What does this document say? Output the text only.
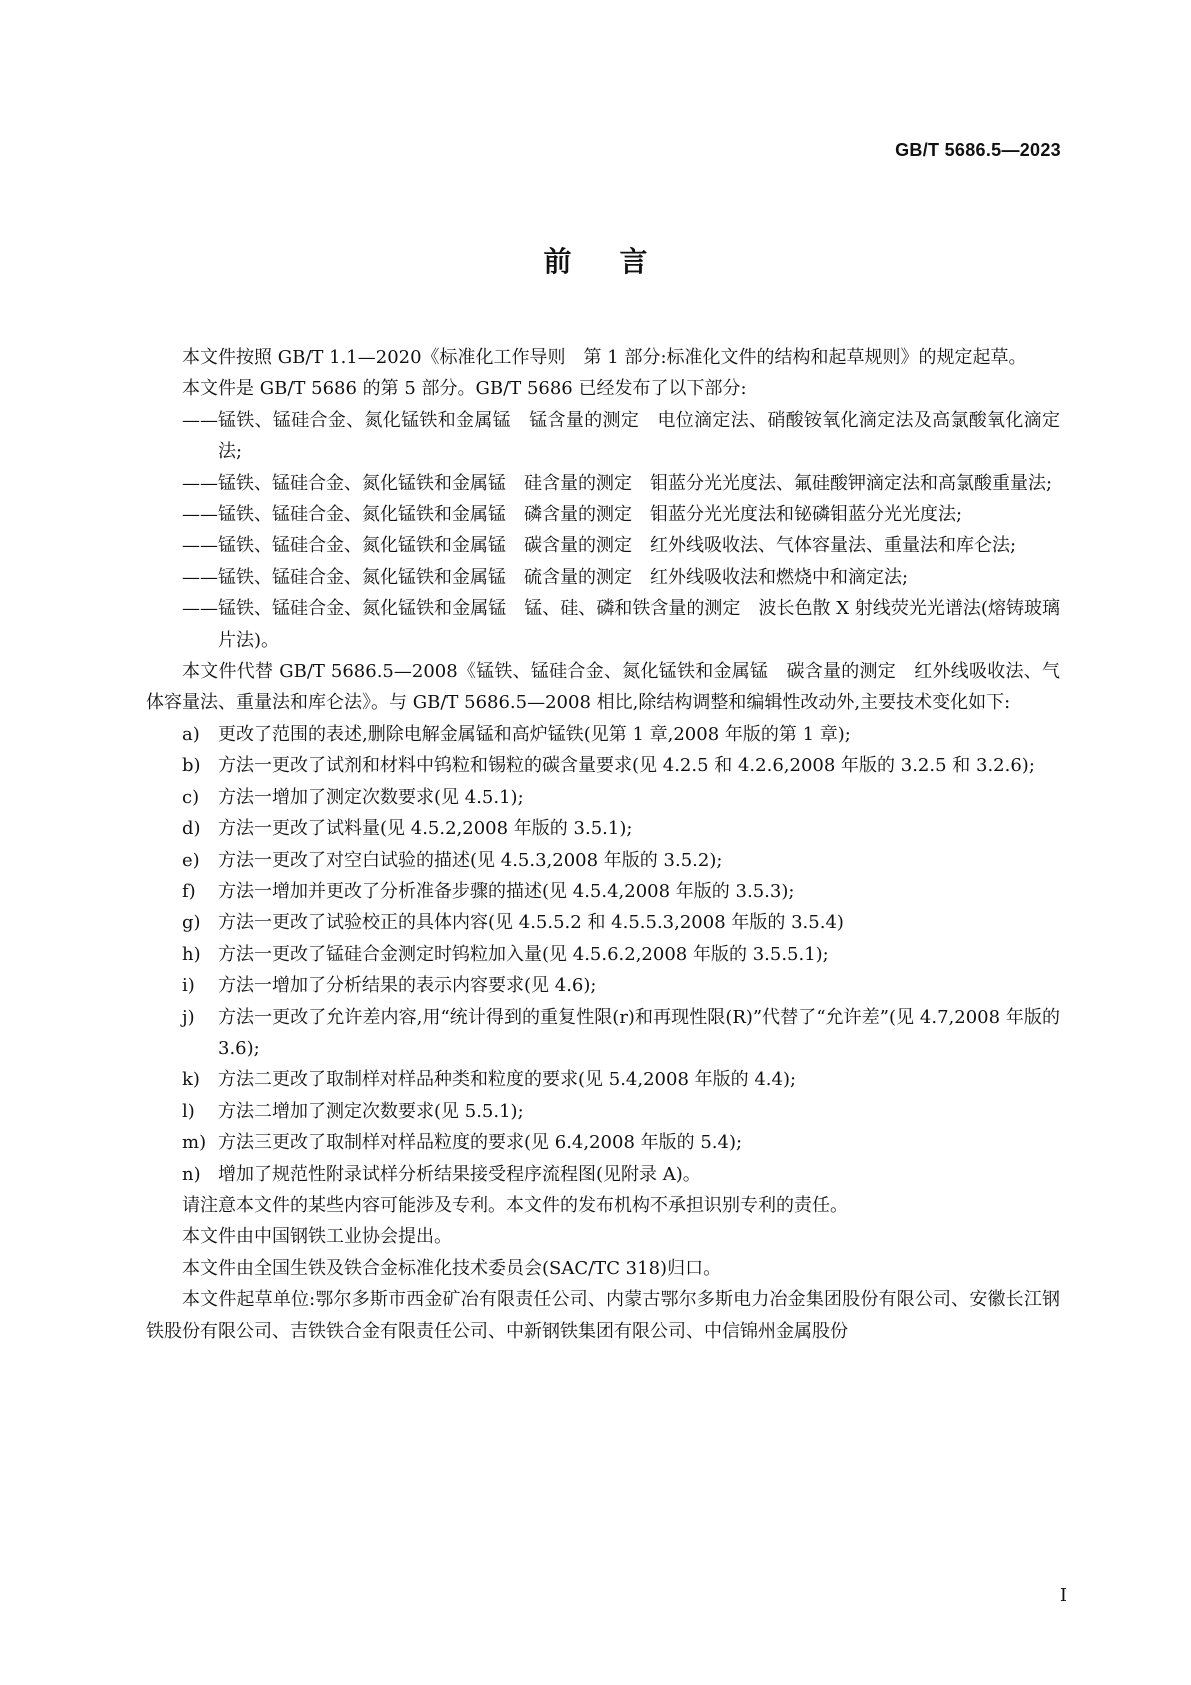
GB/T 5686.5—2023
前言

本文件按照 GB/T 1.1—2020《标准化工作导则　第 1 部分:标准化文件的结构和起草规则》的规定起草。

本文件是 GB/T 5686 的第 5 部分。GB/T 5686 已经发布了以下部分:

—— 锰铁、锰硅合金、氮化锰铁和金属锰　锰含量的测定　电位滴定法、硝酸铵氧化滴定法及高氯酸氧化滴定法;

—— 锰铁、锰硅合金、氮化锰铁和金属锰　硅含量的测定　钼蓝分光光度法、氟硅酸钾滴定法和高氯酸重量法;

—— 锰铁、锰硅合金、氮化锰铁和金属锰　磷含量的测定　钼蓝分光光度法和铋磷钼蓝分光光度法;

—— 锰铁、锰硅合金、氮化锰铁和金属锰　碳含量的测定　红外线吸收法、气体容量法、重量法和库仑法;

—— 锰铁、锰硅合金、氮化锰铁和金属锰　硫含量的测定　红外线吸收法和燃烧中和滴定法;

—— 锰铁、锰硅合金、氮化锰铁和金属锰　锰、硅、磷和铁含量的测定　波长色散 X 射线荧光光谱法(熔铸玻璃片法)。

本文件代替 GB/T 5686.5—2008《锰铁、锰硅合金、氮化锰铁和金属锰　碳含量的测定　红外线吸收法、气体容量法、重量法和库仑法》。与 GB/T 5686.5—2008 相比,除结构调整和编辑性改动外,主要技术变化如下:

a) 更改了范围的表述,删除电解金属锰和高炉锰铁(见第 1 章,2008 年版的第 1 章);

b) 方法一更改了试剂和材料中钨粒和锡粒的碳含量要求(见 4.2.5 和 4.2.6,2008 年版的 3.2.5 和 3.2.6);

c) 方法一增加了测定次数要求(见 4.5.1);

d) 方法一更改了试料量(见 4.5.2,2008 年版的 3.5.1);

e) 方法一更改了对空白试验的描述(见 4.5.3,2008 年版的 3.5.2);

f) 方法一增加并更改了分析准备步骤的描述(见 4.5.4,2008 年版的 3.5.3);

g) 方法一更改了试验校正的具体内容(见 4.5.5.2 和 4.5.5.3,2008 年版的 3.5.4)

h) 方法一更改了锰硅合金测定时钨粒加入量(见 4.5.6.2,2008 年版的 3.5.5.1);

i) 方法一增加了分析结果的表示内容要求(见 4.6);

j) 方法一更改了允许差内容,用“统计得到的重复性限(r)和再现性限(R)”代替了“允许差”(见 4.7,2008 年版的 3.6);

k) 方法二更改了取制样对样品种类和粒度的要求(见 5.4,2008 年版的 4.4);

l) 方法二增加了测定次数要求(见 5.5.1);

m) 方法三更改了取制样对样品粒度的要求(见 6.4,2008 年版的 5.4);

n) 增加了规范性附录试样分析结果接受程序流程图(见附录 A)。

请注意本文件的某些内容可能涉及专利。本文件的发布机构不承担识别专利的责任。

本文件由中国钢铁工业协会提出。

本文件由全国生铁及铁合金标准化技术委员会(SAC/TC 318)归口。

本文件起草单位:鄂尔多斯市西金矿冶有限责任公司、内蒙古鄂尔多斯电力冶金集团股份有限公司、安徽长江钢铁股份有限公司、吉铁铁合金有限责任公司、中新钢铁集团有限公司、中信锦州金属股份

I
